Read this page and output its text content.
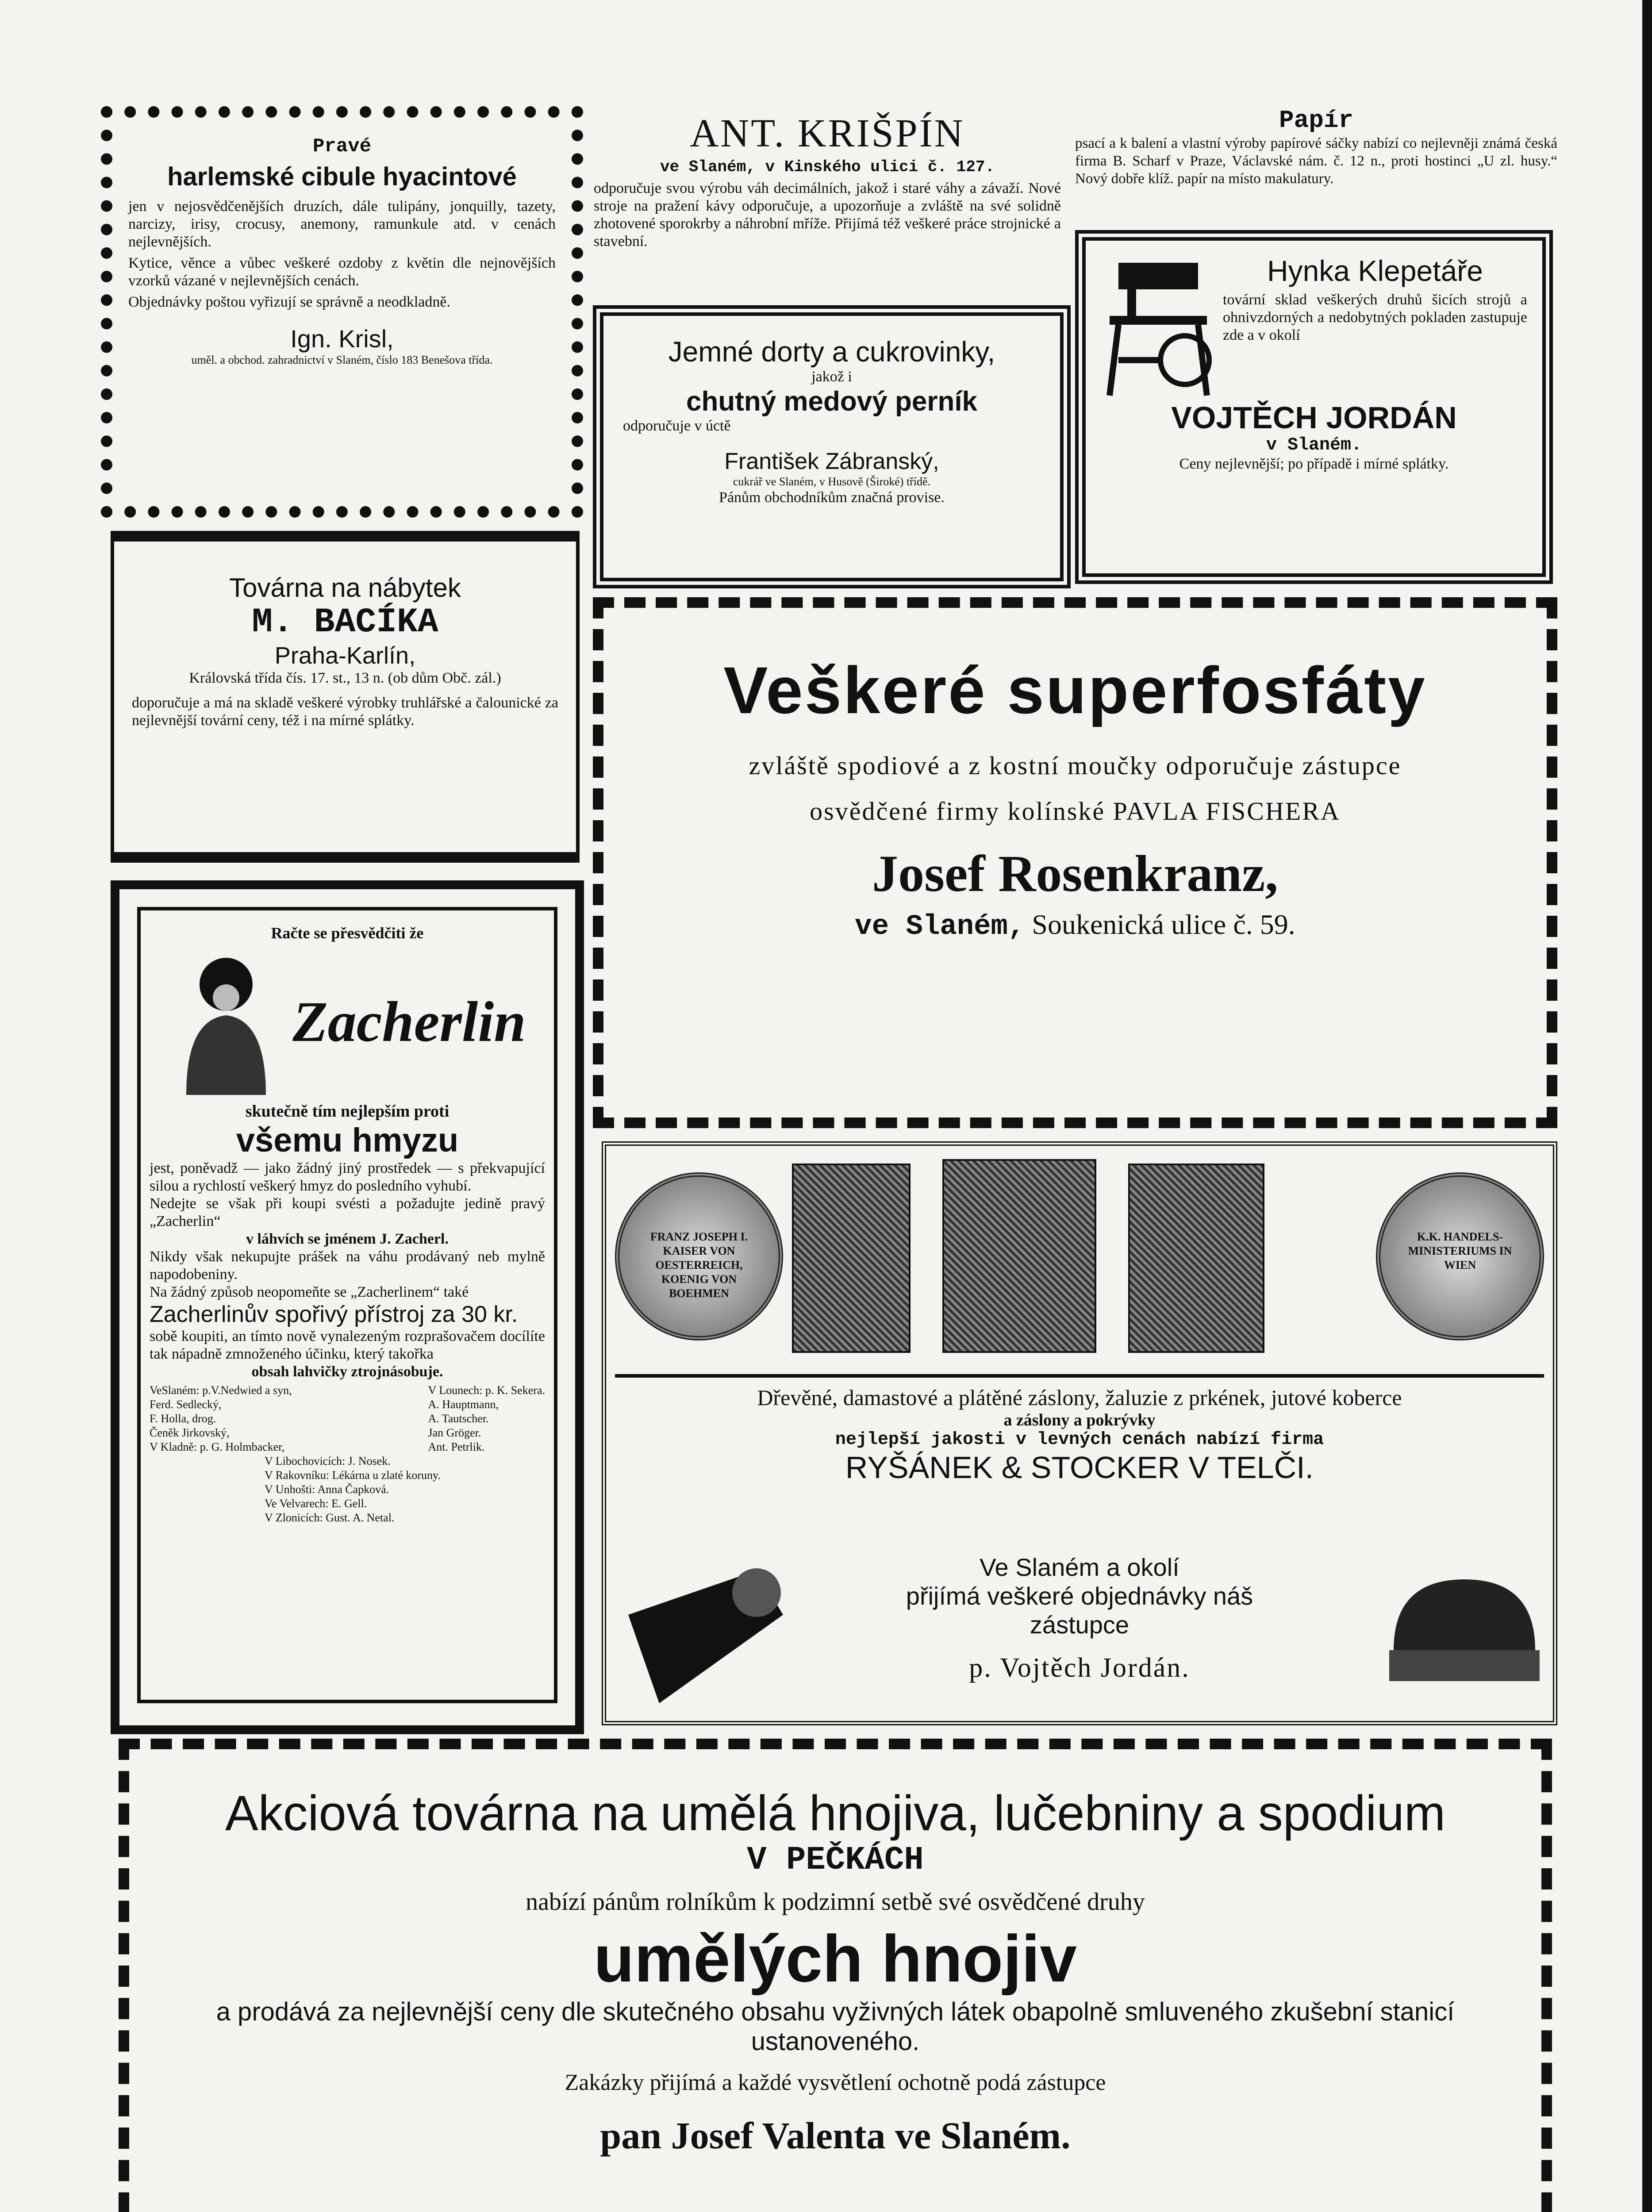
Pravé

harlemské cibule hyacintové

jen v nejosvědčenějších druzích, dále tulipány, jonquilly, tazety, narcizy, irisy, crocusy, anemony, ramunkule atd. v cenách nejlevnějších.

Kytice, věnce a vůbec veškeré ozdoby z květin dle nejnovějších vzorků vázané v nejlevnějších cenách.

Objednávky poštou vyřizují se správně a neodkladně.

Ign. Krisl,

uměl. a obchod. zahradnictví v Slaném, číslo 183 Benešova třída.

ANT. KRIŠPÍN

ve Slaném, v Kinského ulici č. 127.

odporučuje svou výrobu váh decimálních, jakož i staré váhy a závaží. Nové stroje na pražení kávy odporučuje, a upozorňuje a zvláště na své solidně zhotovené sporokrby a náhrobní mříže. Přijímá též veškeré práce strojnické a stavební.

Papír

psací a k balení a vlastní výroby papírové sáčky nabízí co nejlevněji známá česká firma B. Scharf v Praze, Václavské nám. č. 12 n., proti hostinci „U zl. husy.“ Nový dobře klíž. papír na místo makulatury.

Hynka Klepetáře

tovární sklad veškerých druhů šicích strojů a ohnivzdorných a nedobytných pokladen zastupuje zde a v okolí

VOJTĚCH JORDÁN

v Slaném.

Ceny nejlevnější; po případě i mírné splátky.

Jemné dorty a cukrovinky,

jakož i

chutný medový perník

odporučuje v úctě

František Zábranský,

cukrář ve Slaném, v Husově (Široké) třídě.

Pánům obchodníkům značná provise.

Továrna na nábytek

M. BACÍKA

Praha-Karlín,

Královská třída čís. 17. st., 13 n. (ob dům Obč. zál.)

doporučuje a má na skladě veškeré výrobky truhlářské a čalounické za nejlevnější tovární ceny, též i na mírné splátky.

Račte se přesvědčiti že

Zacherlin

skutečně tím nejlepším proti

všemu hmyzu

jest, poněvadž — jako žádný jiný prostředek — s překvapující silou a rychlostí veškerý hmyz do posledního vyhubí.

Nedejte se však při koupi svésti a požadujte jedině pravý „Zacherlin“

v láhvích se jménem J. Zacherl.

Nikdy však nekupujte prášek na váhu prodávaný neb mylně napodobeniny.

Na žádný způsob neopomeňte se „Zacherlinem“ také

Zacherlinův spořivý přístroj za 30 kr.

sobě koupiti, an tímto nově vynalezeným rozprašovačem docílíte tak nápadně zmnoženého účinku, který takořka

obsah lahvičky ztrojnásobuje.

VeSlaném: p.V.Nedwied a syn,
Ferd. Sedlecký,
F. Holla, drog.
Čeněk Jirkovský,
V Kladně: p. G. Holmbacker,
V Lounech: p. K. Sekera.
A. Hauptmann,
A. Tautscher.
Jan Gröger.
Ant. Petrlik.
V Libochovicích: J. Nosek.
V Rakovníku: Lékárna u zlaté koruny.
V Unhošti: Anna Čapková.
Ve Velvarech: E. Gell.
V Zlonicích: Gust. A. Netal.

Veškeré superfosfáty

zvláště spodiové a z kostní moučky odporučuje zástupce

osvědčené firmy kolínské PAVLA FISCHERA

Josef Rosenkranz,

ve Slaném, Soukenická ulice č. 59.

FRANZ JOSEPH I. KAISER VON OESTERREICH, KOENIG VON BOEHMEN

K.K. HANDELS-MINISTERIUMS IN WIEN

Dřevěné, damastové a plátěné záslony, žaluzie z prkének, jutové koberce

a záslony a pokrývky

nejlepší jakosti v levných cenách nabízí firma

RYŠÁNEK & STOCKER V TELČI.

Ve Slaném a okolí

přijímá veškeré objednávky náš zástupce

p. Vojtěch Jordán.

Akciová továrna na umělá hnojiva, lučebniny a spodium

V PEČKÁCH

nabízí pánům rolníkům k podzimní setbě své osvědčené druhy

umělých hnojiv

a prodává za nejlevnější ceny dle skutečného obsahu vyživných látek obapolně smluveného zkušební stanicí ustanoveného.

Zakázky přijímá a každé vysvětlení ochotně podá zástupce

pan Josef Valenta ve Slaném.
